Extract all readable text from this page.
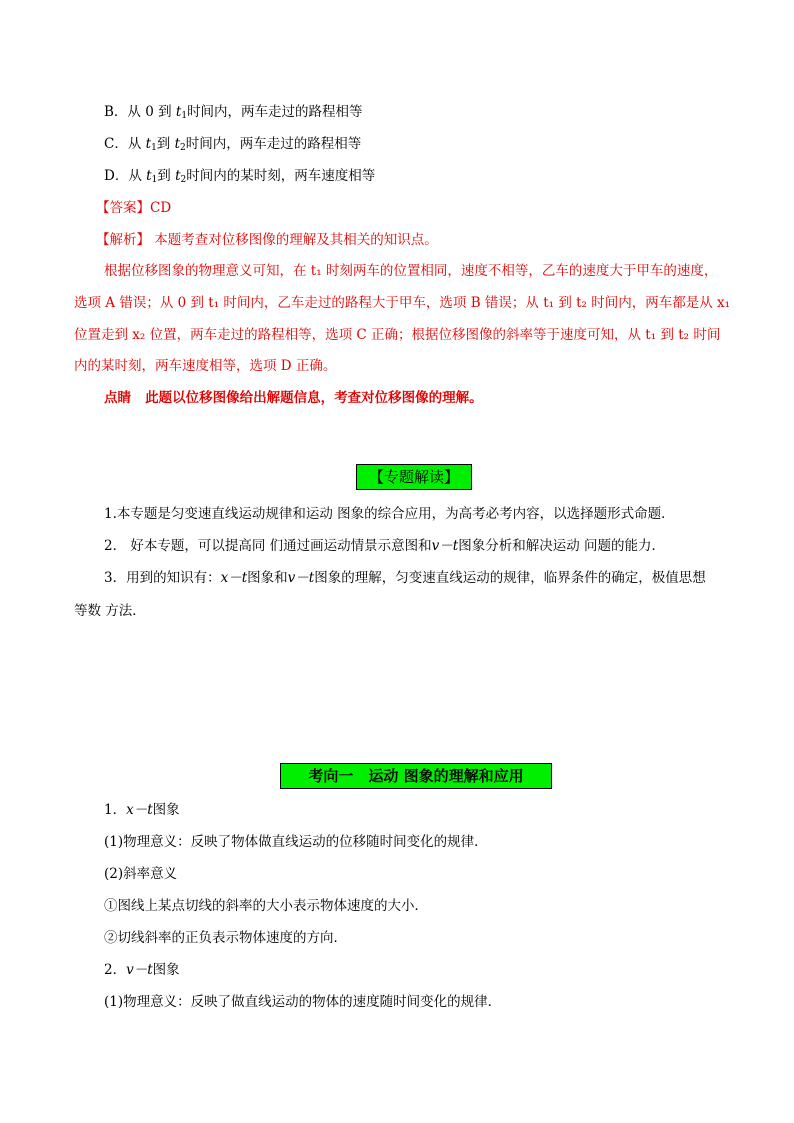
B．从 0 到 $t_1$时间内，两车走过的路程相等
C．从 $t_1$到 $t_2$时间内，两车走过的路程相等
D．从 $t_1$到 $t_2$时间内的某时刻，两车速度相等
【答案】CD
【解析】 本题考查对位移图像的理解及其相关的知识点。
根据位移图象的物理意义可知，在 t₁ 时刻两车的位置相同，速度不相等，乙车的速度大于甲车的速度，
选项 A 错误；从 0 到 t₁ 时间内，乙车走过的路程大于甲车，选项 B 错误；从 t₁ 到 t₂ 时间内，两车都是从 x₁
位置走到 x₂ 位置，两车走过的路程相等，选项 C 正确；根据位移图像的斜率等于速度可知，从 t₁ 到 t₂ 时间
内的某时刻，两车速度相等，选项 D 正确。
点睛 此题以位移图像给出解题信息，考查对位移图像的理解。
【专题解读】
1.本专题是匀变速直线运动规律和运动 图象的综合应用，为高考必考内容，以选择题形式命题．
2． 好本专题，可以提高同 们通过画运动情景示意图和v－t图象分析和解决运动 问题的能力．
3．用到的知识有：x－t图象和v－t图象的理解，匀变速直线运动的规律，临界条件的确定，极值思想
等数 方法．
考向一　运动 图象的理解和应用
1．x－t图象
(1)物理意义：反映了物体做直线运动的位移随时间变化的规律．
(2)斜率意义
①图线上某点切线的斜率的大小表示物体速度的大小．
②切线斜率的正负表示物体速度的方向．
2．v－t图象
(1)物理意义：反映了做直线运动的物体的速度随时间变化的规律．
